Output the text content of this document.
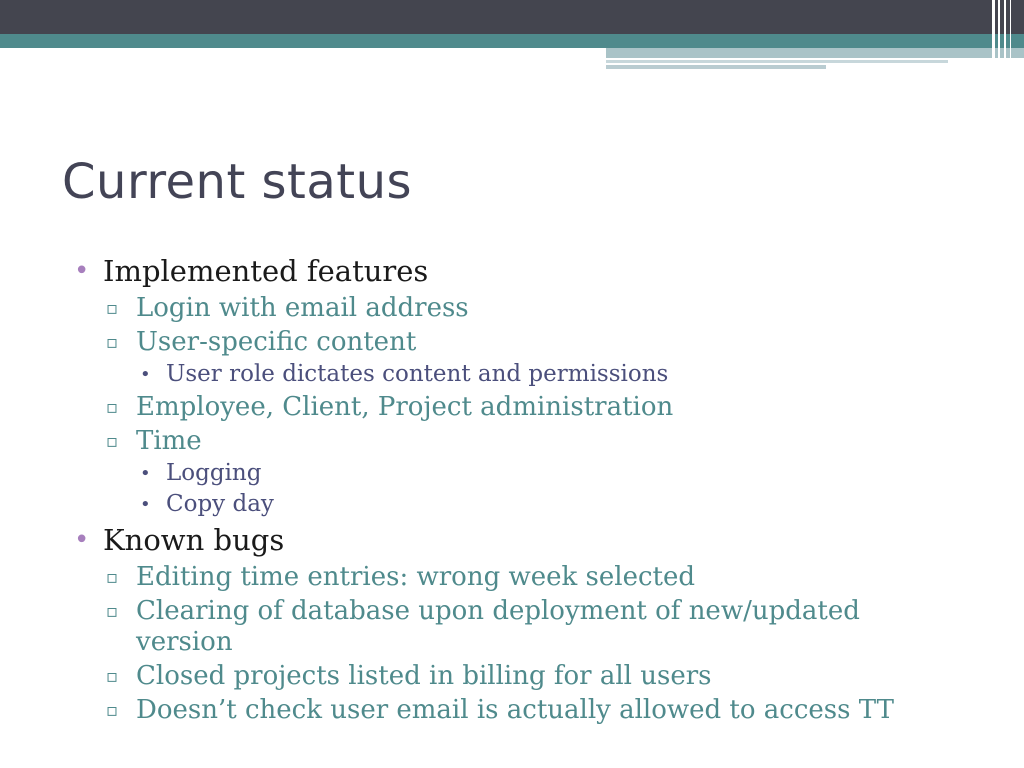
Current status
• Implemented features
▫ Login with email address
▫ User-specific content
• User role dictates content and permissions
▫ Employee, Client, Project administration
▫ Time
• Logging
• Copy day
• Known bugs
▫ Editing time entries: wrong week selected
▫ Clearing of database upon deployment of new/updated version
▫ Closed projects listed in billing for all users
▫ Doesn’t check user email is actually allowed to access TT
